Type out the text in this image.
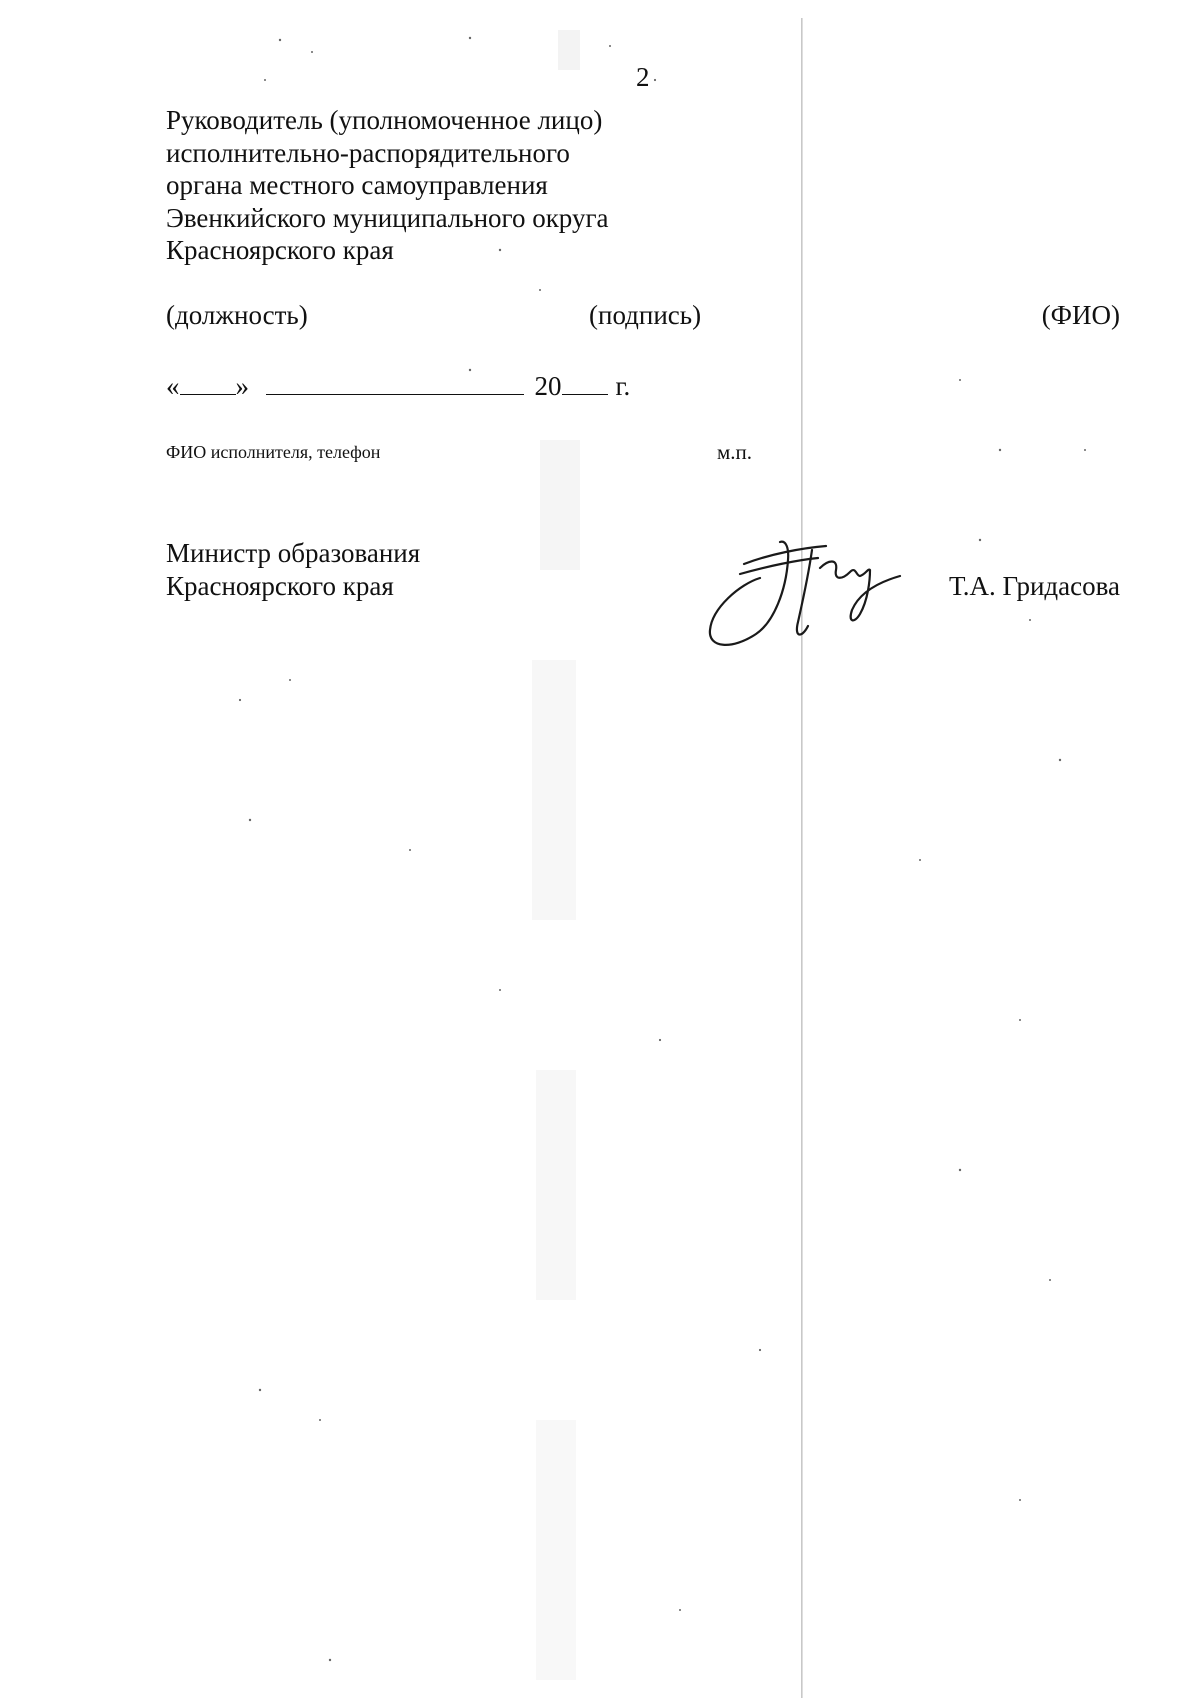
2
Руководитель (уполномоченное лицо)
исполнительно-распорядительного
органа местного самоуправления
Эвенкийского муниципального округа
Красноярского края
(должность)	(подпись)	(ФИО)
« »	20 г.
ФИО исполнителя, телефон	м.п.
Министр образования
Красноярского края	Т.А. Гридасова
